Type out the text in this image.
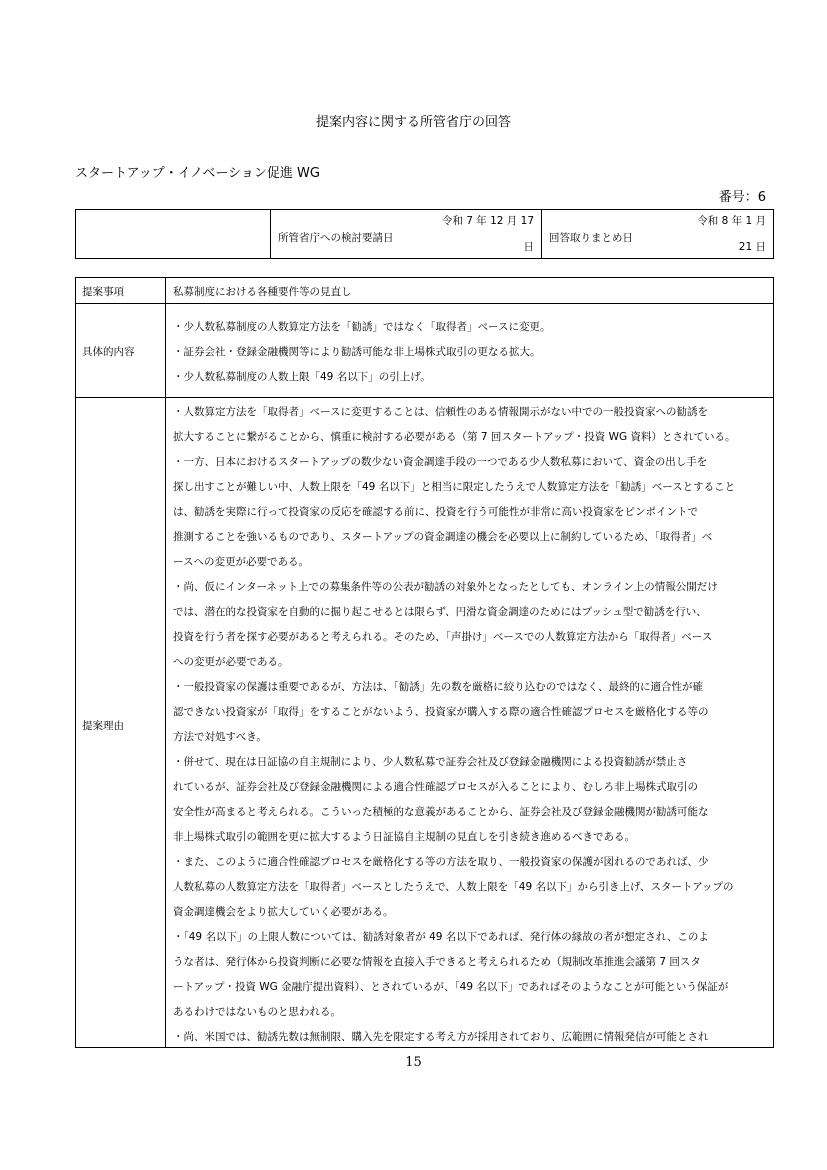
提案内容に関する所管省庁の回答
スタートアップ・イノベーション促進 WG
番号：6
所管省庁への検討要請日
令和 7 年 12 月 17
日
回答取りまとめ日
令和 8 年 1 月
21 日
提案事項	私募制度における各種要件等の見直し
具体的内容
・少人数私募制度の人数算定方法を「勧誘」ではなく「取得者」ベースに変更。
・証券会社・登録金融機関等により勧誘可能な非上場株式取引の更なる拡大。
・少人数私募制度の人数上限「49 名以下」の引上げ。
提案理由
・人数算定方法を「取得者」ベースに変更することは、信頼性のある情報開示がない中での一般投資家への勧誘を
拡大することに繋がることから、慎重に検討する必要がある（第 7 回スタートアップ・投資 WG 資料）とされている。
・一方、日本におけるスタートアップの数少ない資金調達手段の一つである少人数私募において、資金の出し手を
探し出すことが難しい中、人数上限を「49 名以下」と相当に限定したうえで人数算定方法を「勧誘」ベースとすること
は、勧誘を実際に行って投資家の反応を確認する前に、投資を行う可能性が非常に高い投資家をピンポイントで
推測することを強いるものであり、スタートアップの資金調達の機会を必要以上に制約しているため、「取得者」ベ
ースへの変更が必要である。
・尚、仮にインターネット上での募集条件等の公表が勧誘の対象外となったとしても、オンライン上の情報公開だけ
では、潜在的な投資家を自動的に掘り起こせるとは限らず、円滑な資金調達のためにはプッシュ型で勧誘を行い、
投資を行う者を探す必要があると考えられる。そのため、「声掛け」ベースでの人数算定方法から「取得者」ベース
への変更が必要である。
・一般投資家の保護は重要であるが、方法は、「勧誘」先の数を厳格に絞り込むのではなく、最終的に適合性が確
認できない投資家が「取得」をすることがないよう、投資家が購入する際の適合性確認プロセスを厳格化する等の
方法で対処すべき。
・併せて、現在は日証協の自主規制により、少人数私募で証券会社及び登録金融機関による投資勧誘が禁止さ
れているが、証券会社及び登録金融機関による適合性確認プロセスが入ることにより、むしろ非上場株式取引の
安全性が高まると考えられる。こういった積極的な意義があることから、証券会社及び登録金融機関が勧誘可能な
非上場株式取引の範囲を更に拡大するよう日証協自主規制の見直しを引き続き進めるべきである。
・また、このように適合性確認プロセスを厳格化する等の方法を取り、一般投資家の保護が図れるのであれば、少
人数私募の人数算定方法を「取得者」ベースとしたうえで、人数上限を「49 名以下」から引き上げ、スタートアップの
資金調達機会をより拡大していく必要がある。
・「49 名以下」の上限人数については、勧誘対象者が 49 名以下であれば、発行体の縁故の者が想定され、このよ
うな者は、発行体から投資判断に必要な情報を直接入手できると考えられるため（規制改革推進会議第 7 回スタ
ートアップ・投資 WG 金融庁提出資料）、とされているが、「49 名以下」であればそのようなことが可能という保証が
あるわけではないものと思われる。
・尚、米国では、勧誘先数は無制限、購入先を限定する考え方が採用されており、広範囲に情報発信が可能とされ
15
